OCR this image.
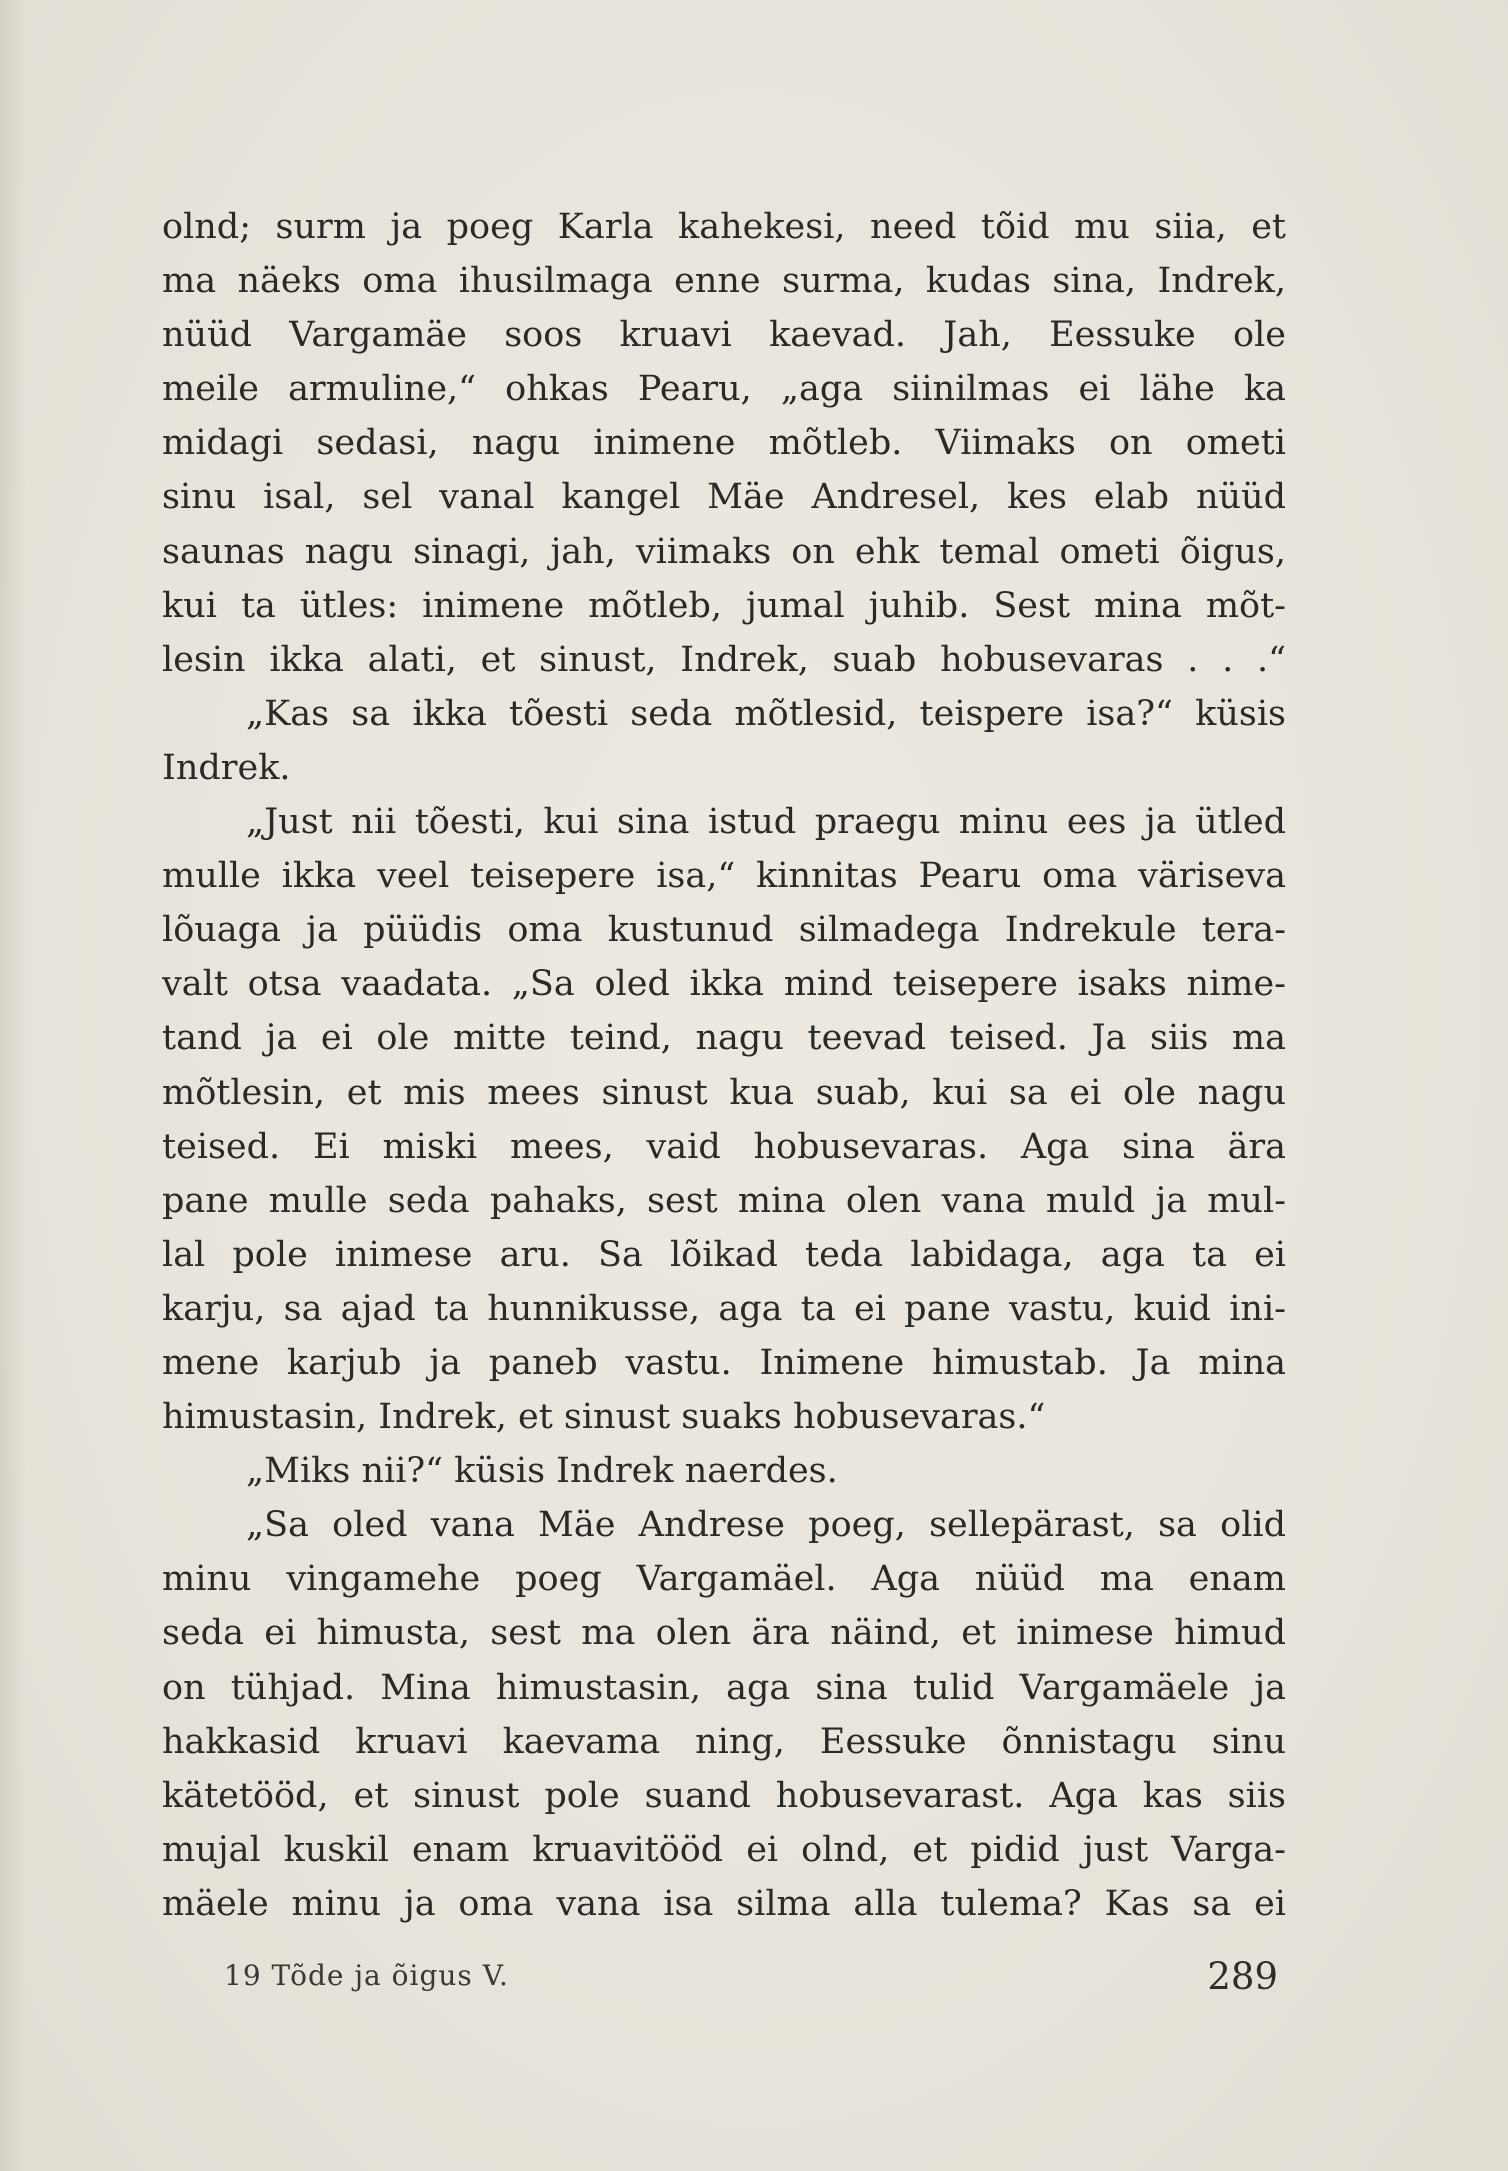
olnd; surm ja poeg Karla kahekesi, need tõid mu siia, et
ma näeks oma ihusilmaga enne surma, kudas sina, Indrek,
nüüd Vargamäe soos kruavi kaevad. Jah, Eessuke ole
meile armuline,“ ohkas Pearu, „aga siinilmas ei lähe ka
midagi sedasi, nagu inimene mõtleb. Viimaks on ometi
sinu isal, sel vanal kangel Mäe Andresel, kes elab nüüd
saunas nagu sinagi, jah, viimaks on ehk temal ometi õigus,
kui ta ütles: inimene mõtleb, jumal juhib. Sest mina mõt-
lesin ikka alati, et sinust, Indrek, suab hobusevaras . . .“
„Kas sa ikka tõesti seda mõtlesid, teispere isa?“ küsis
Indrek.
„Just nii tõesti, kui sina istud praegu minu ees ja ütled
mulle ikka veel teisepere isa,“ kinnitas Pearu oma väriseva
lõuaga ja püüdis oma kustunud silmadega Indrekule tera-
valt otsa vaadata. „Sa oled ikka mind teisepere isaks nime-
tand ja ei ole mitte teind, nagu teevad teised. Ja siis ma
mõtlesin, et mis mees sinust kua suab, kui sa ei ole nagu
teised. Ei miski mees, vaid hobusevaras. Aga sina ära
pane mulle seda pahaks, sest mina olen vana muld ja mul-
lal pole inimese aru. Sa lõikad teda labidaga, aga ta ei
karju, sa ajad ta hunnikusse, aga ta ei pane vastu, kuid ini-
mene karjub ja paneb vastu. Inimene himustab. Ja mina
himustasin, Indrek, et sinust suaks hobusevaras.“
„Miks nii?“ küsis Indrek naerdes.
„Sa oled vana Mäe Andrese poeg, sellepärast, sa olid
minu vingamehe poeg Vargamäel. Aga nüüd ma enam
seda ei himusta, sest ma olen ära näind, et inimese himud
on tühjad. Mina himustasin, aga sina tulid Vargamäele ja
hakkasid kruavi kaevama ning, Eessuke õnnistagu sinu
kätetööd, et sinust pole suand hobusevarast. Aga kas siis
mujal kuskil enam kruavitööd ei olnd, et pidid just Varga-
mäele minu ja oma vana isa silma alla tulema? Kas sa ei
19 Tõde ja õigus V.	289
